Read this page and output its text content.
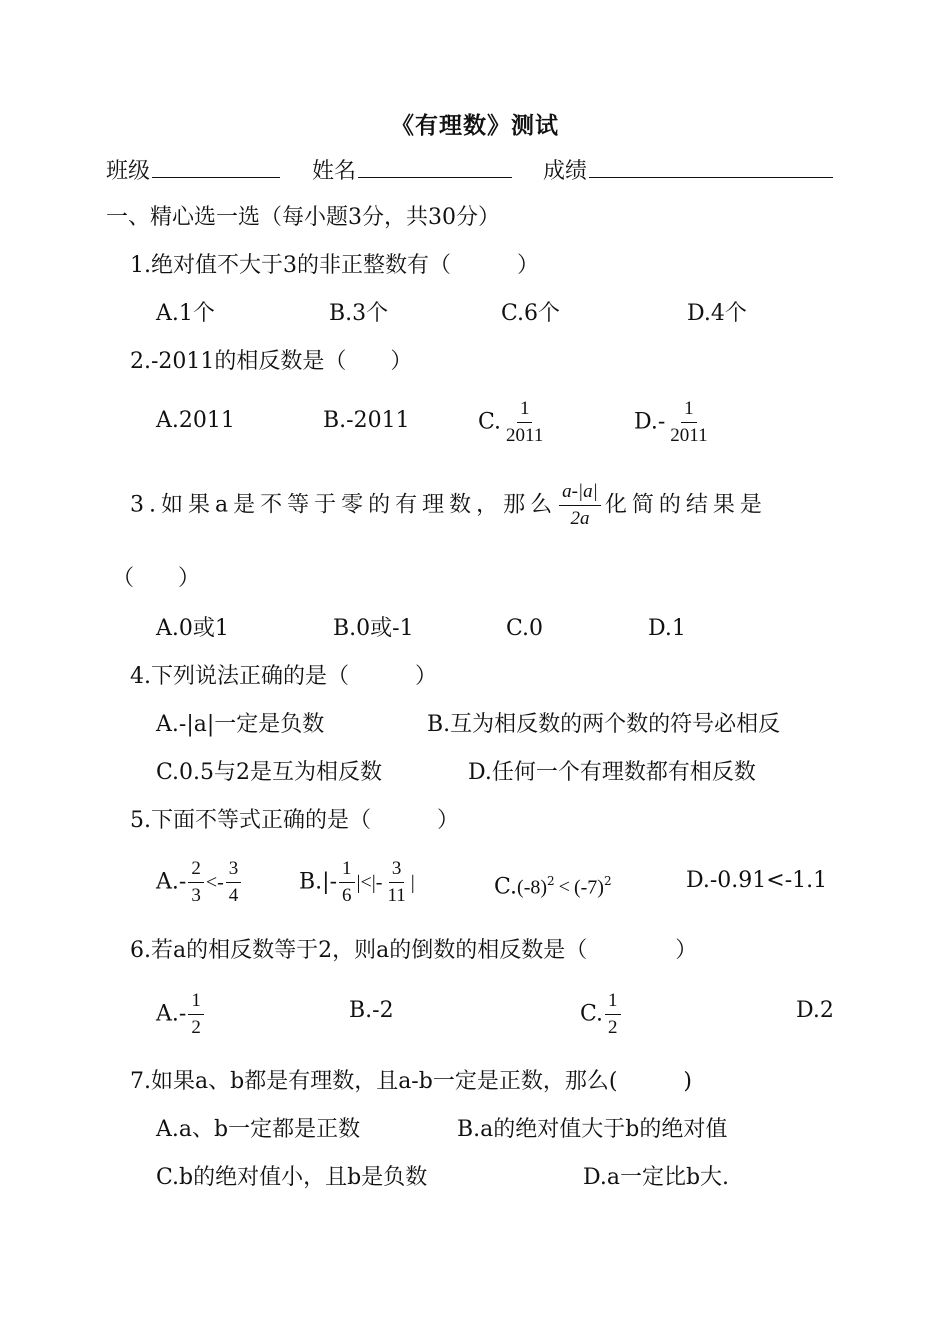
《有理数》测试
班级	姓名	成绩
一、精心选一选（每小题3分，共30分）
1.绝对值不大于3的非正整数有（　　　）
A.1个	B.3个	C.6个	D.4个
2.-2011的相反数是（　　）
A.2011	B.-2011	C. $\frac{1}{2011}$	$D.- \frac{1}{2011}$
3.如果a是不等于零的有理数，那么 $\frac{a-|a|}{2a}$ 化简的结果是
（　　）
A.0或1	B.0或-1	C.0	D.1
4.下列说法正确的是（　　　）
A.-|a|一定是负数	B.互为相反数的两个数的符号必相反
C.0.5与2是互为相反数	D.任何一个有理数都有相反数
5.下面不等式正确的是（　　　）
$A.- \frac{2}{3} <- \frac{3}{4}$	$B.|- \frac{1}{6}$ |<|- $\frac{3}{11}$ |	$C.(-8)^2 < (-7)^2$	D.-0.91<-1.1
6.若a的相反数等于2，则a的倒数的相反数是（　　　　）
$A.- \frac{1}{2}$	B.-2	C. $\frac{1}{2}$	D.2
7.如果a、b都是有理数，且a-b一定是正数，那么(　　　)
A.a、b一定都是正数	B.a的绝对值大于b的绝对值
C.b的绝对值小，且b是负数	D.a一定比b大.
